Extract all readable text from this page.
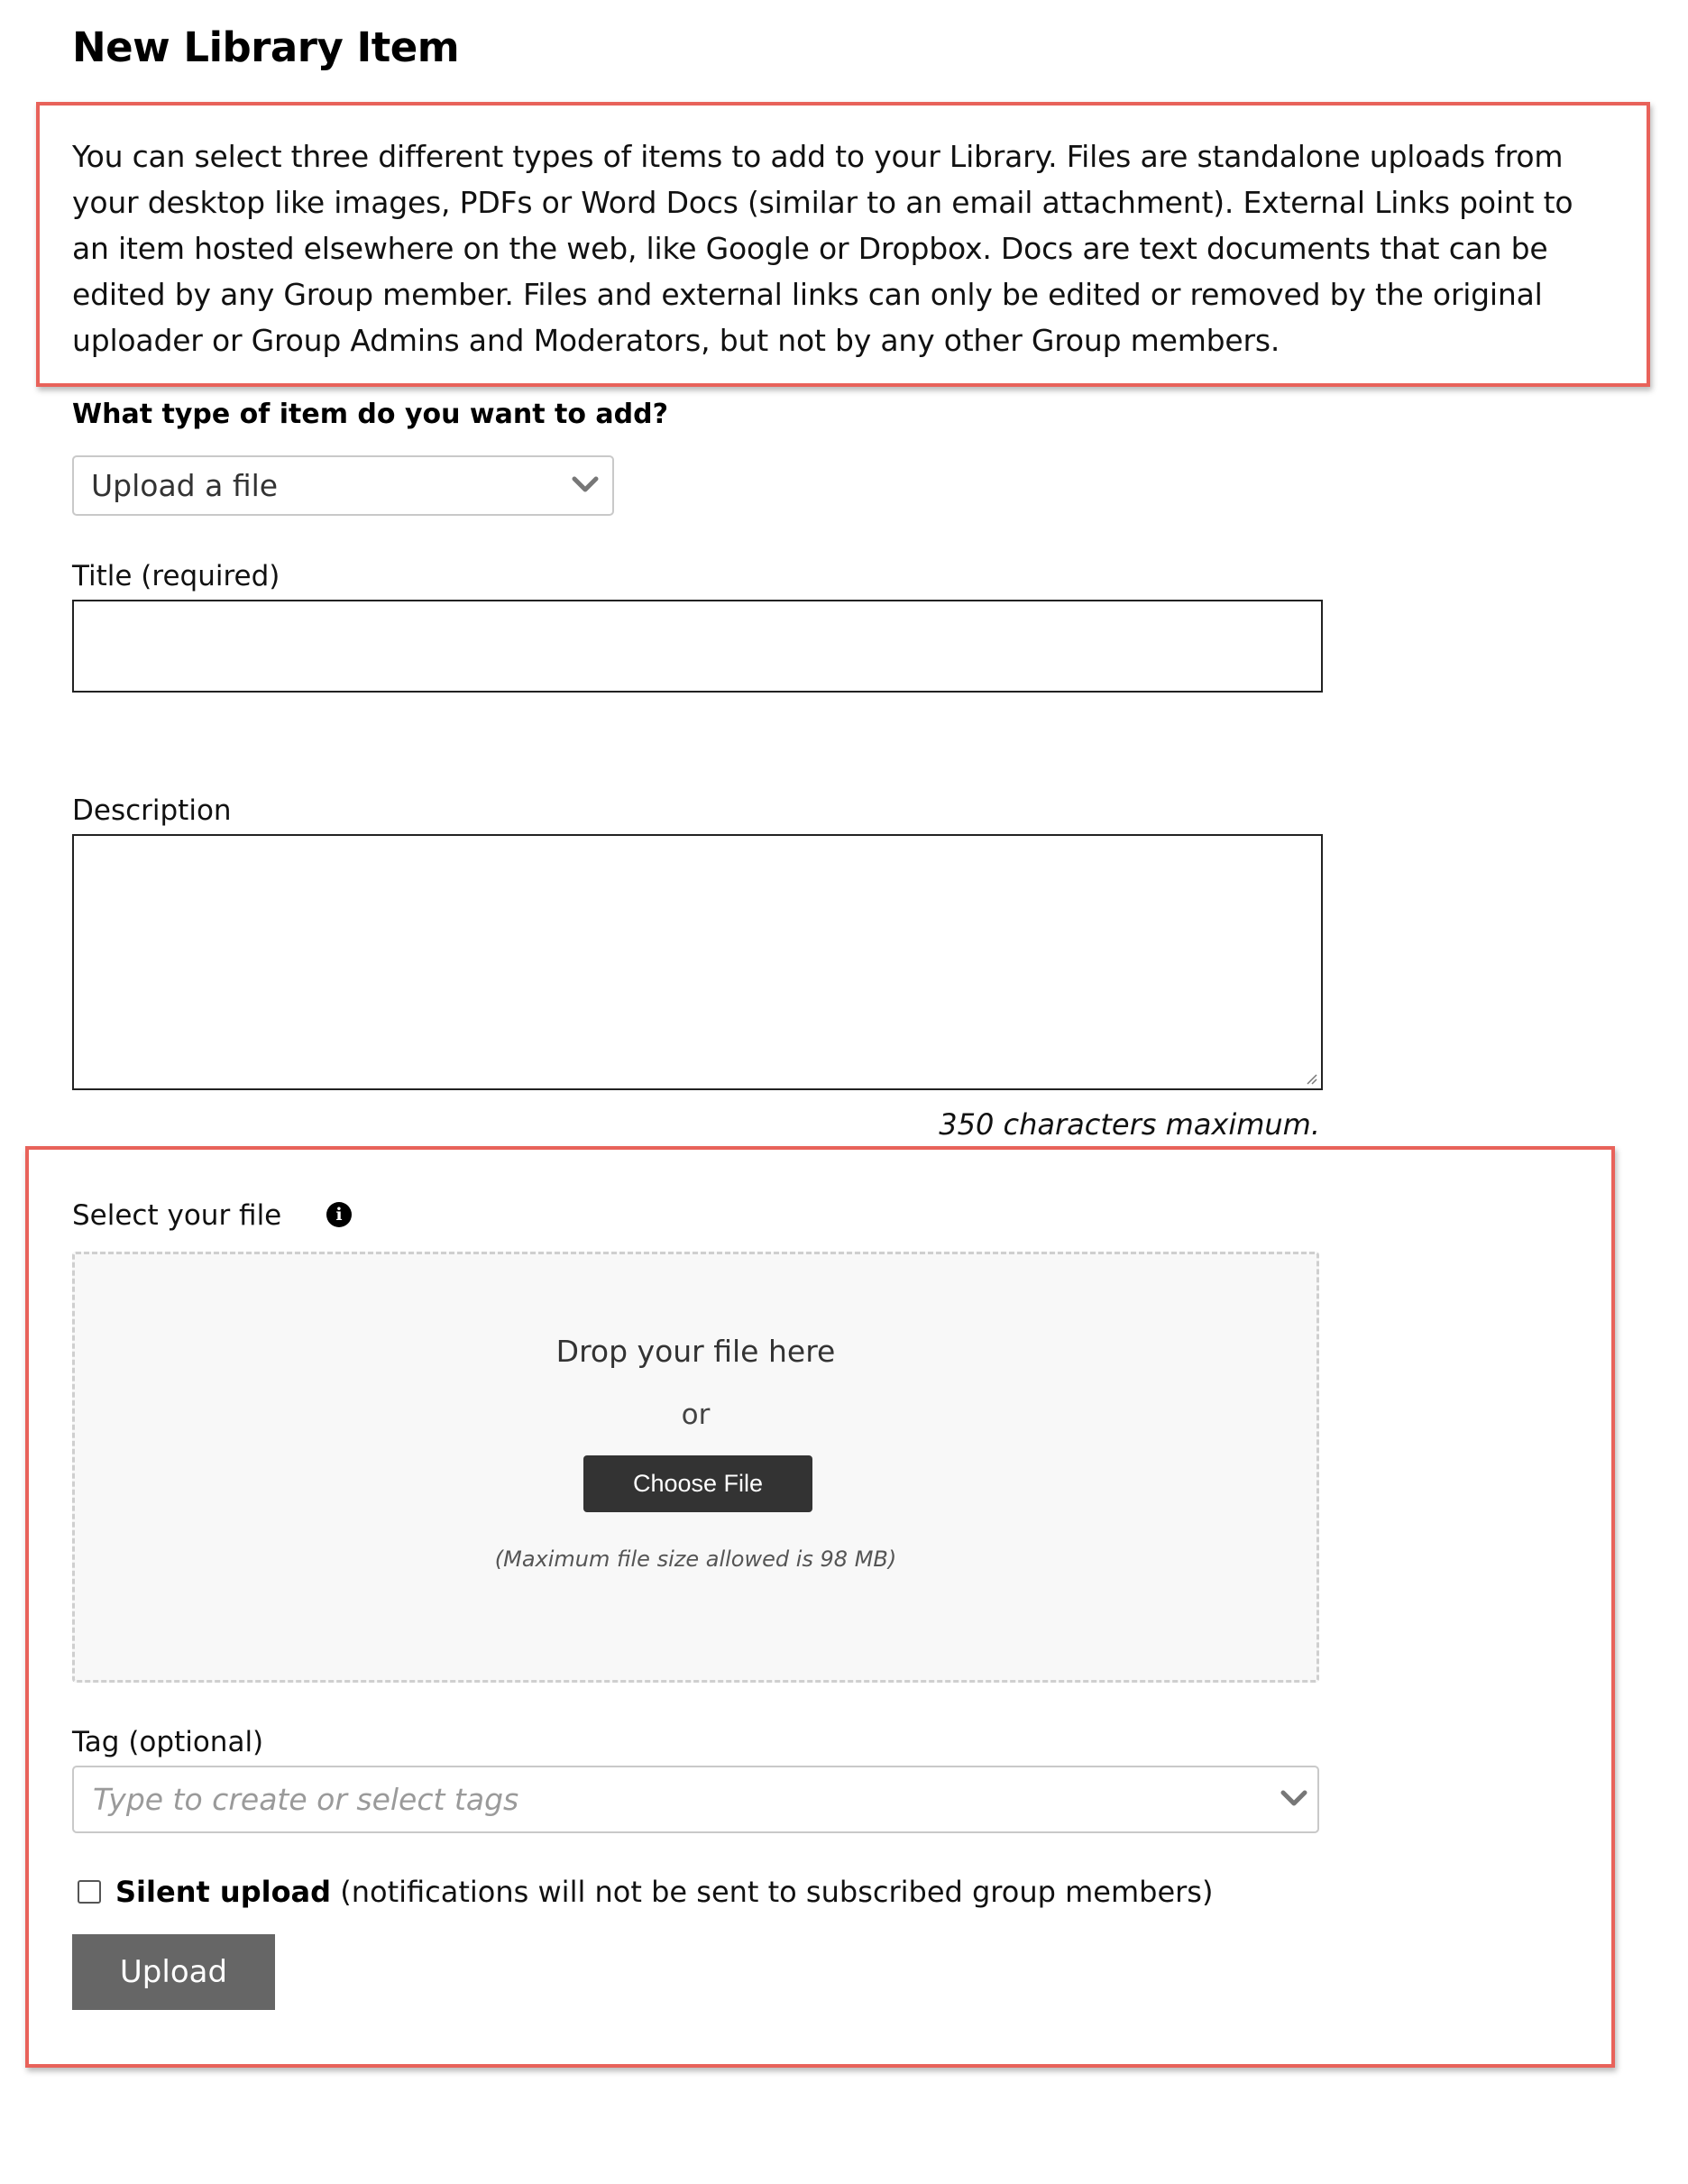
New Library Item

You can select three different types of items to add to your Library. Files are standalone uploads from your desktop like images, PDFs or Word Docs (similar to an email attachment). External Links point to an item hosted elsewhere on the web, like Google or Dropbox. Docs are text documents that can be edited by any Group member. Files and external links can only be edited or removed by the original uploader or Group Admins and Moderators, but not by any other Group members.

What type of item do you want to add?
Upload a file
Title (required)
Description
350 characters maximum.
Select your file	i
Drop your file here
or
Choose File
(Maximum file size allowed is 98 MB)
Tag (optional)
Type to create or select tags
Silent upload (notifications will not be sent to subscribed group members)
Upload
